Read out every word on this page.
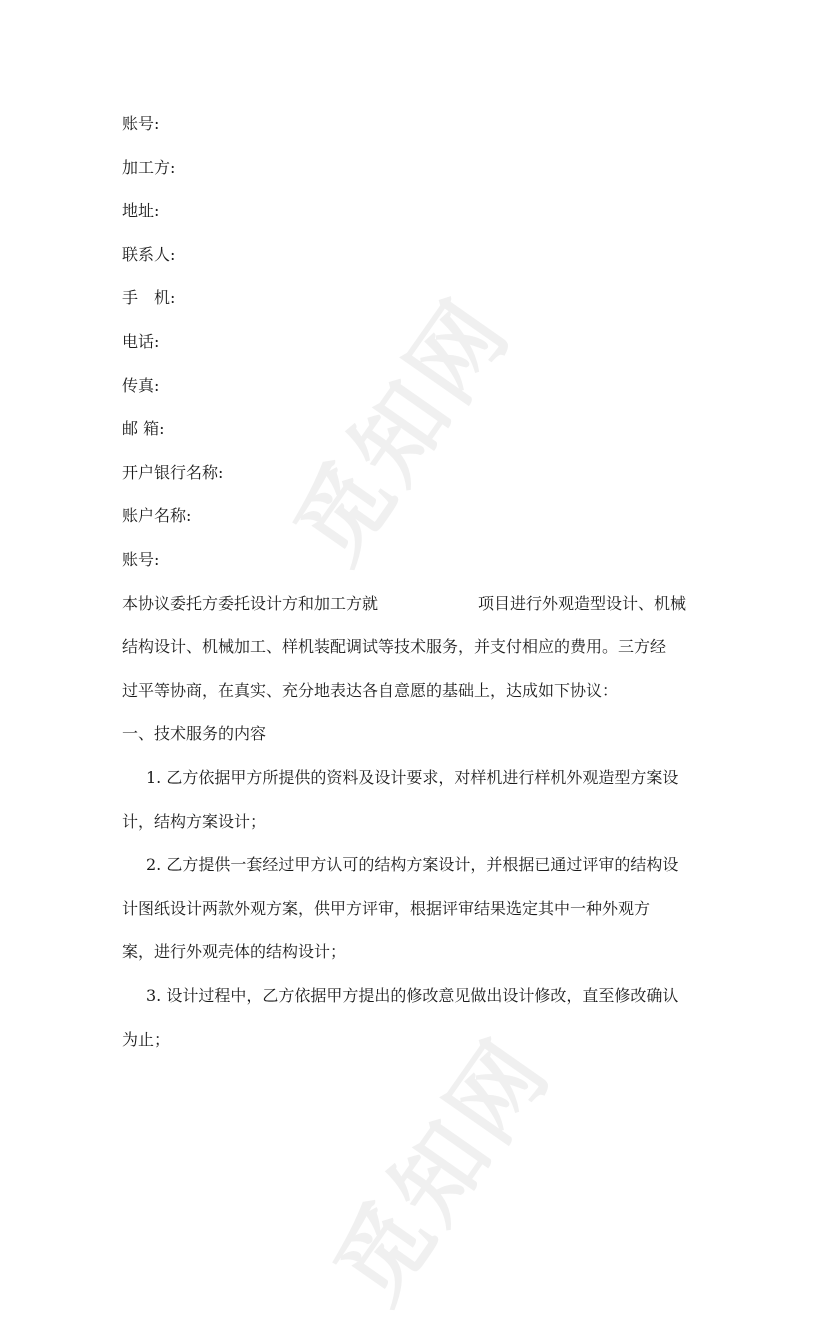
觅知网
觅知网
账号:
加工方:
地址:
联系人:
手　机:
电话:
传真:
邮 箱:
开户银行名称:
账户名称:
账号:
本协议委托方委托设计方和加工方就	项目进行外观造型设计、机械
结构设计、机械加工、样机装配调试等技术服务，并支付相应的费用。三方经
过平等协商，在真实、充分地表达各自意愿的基础上，达成如下协议：
一、技术服务的内容
1. 乙方依据甲方所提供的资料及设计要求，对样机进行样机外观造型方案设
计，结构方案设计；
2. 乙方提供一套经过甲方认可的结构方案设计，并根据已通过评审的结构设
计图纸设计两款外观方案，供甲方评审，根据评审结果选定其中一种外观方
案，进行外观壳体的结构设计；
3. 设计过程中，乙方依据甲方提出的修改意见做出设计修改，直至修改确认
为止；
